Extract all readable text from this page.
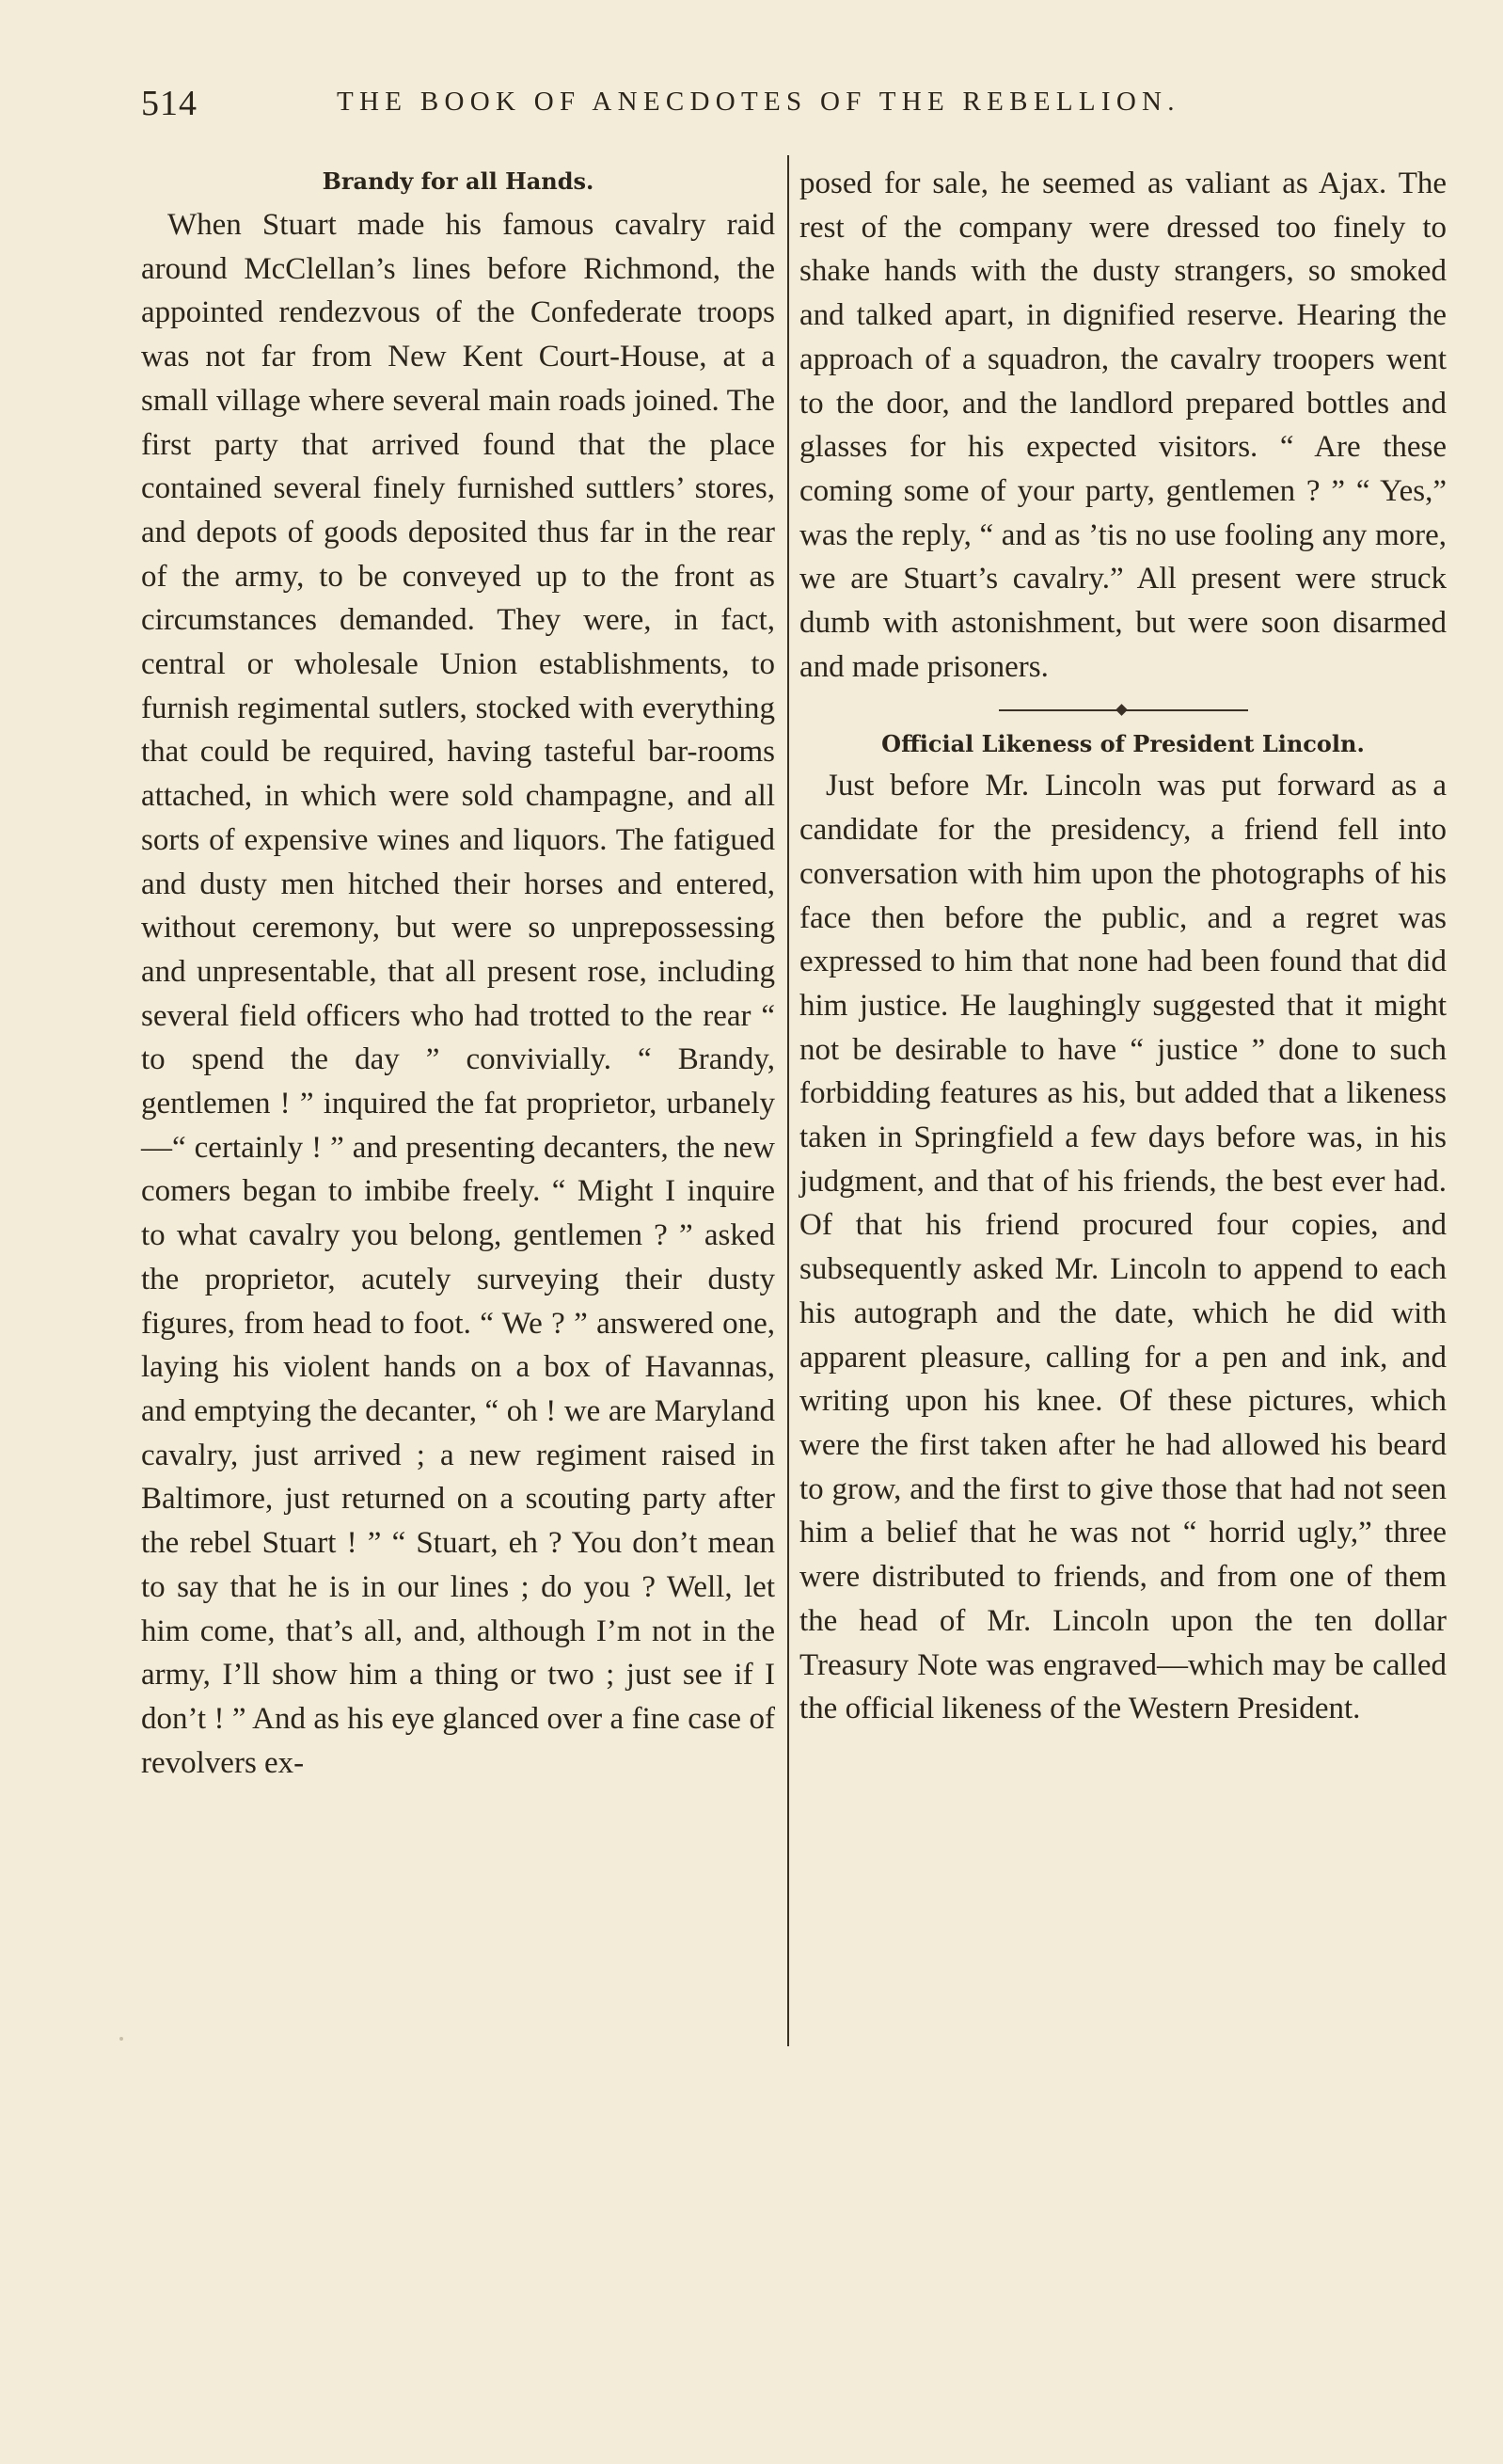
514	THE BOOK OF ANECDOTES OF THE REBELLION.

Brandy for all Hands.

When Stuart made his famous cavalry raid around McClellan’s lines before Richmond, the appointed rendezvous of the Confederate troops was not far from New Kent Court-House, at a small village where several main roads joined. The first party that arrived found that the place contained several finely furnished suttlers’ stores, and depots of goods deposited thus far in the rear of the army, to be conveyed up to the front as circumstances demanded. They were, in fact, central or wholesale Union establishments, to furnish regimental sutlers, stocked with everything that could be required, having tasteful bar-rooms attached, in which were sold champagne, and all sorts of expensive wines and liquors. The fatigued and dusty men hitched their horses and entered, without ceremony, but were so unprepossessing and unpresentable, that all present rose, including several field officers who had trotted to the rear “ to spend the day ” convivially. “ Brandy, gentlemen ! ” inquired the fat proprietor, urbanely—“ certainly ! ” and presenting decanters, the new comers began to imbibe freely. “ Might I inquire to what cavalry you belong, gentlemen ? ” asked the proprietor, acutely surveying their dusty figures, from head to foot. “ We ? ” answered one, laying his violent hands on a box of Havannas, and emptying the decanter, “ oh ! we are Maryland cavalry, just arrived ; a new regiment raised in Baltimore, just returned on a scouting party after the rebel Stuart ! ” “ Stuart, eh ? You don’t mean to say that he is in our lines ; do you ? Well, let him come, that’s all, and, although I’m not in the army, I’ll show him a thing or two ; just see if I don’t ! ” And as his eye glanced over a fine case of revolvers ex-

posed for sale, he seemed as valiant as Ajax. The rest of the company were dressed too finely to shake hands with the dusty strangers, so smoked and talked apart, in dignified reserve. Hearing the approach of a squadron, the cavalry troopers went to the door, and the landlord prepared bottles and glasses for his expected visitors. “ Are these coming some of your party, gentlemen ? ” “ Yes,” was the reply, “ and as ’tis no use fooling any more, we are Stuart’s cavalry.” All present were struck dumb with astonishment, but were soon disarmed and made prisoners.

Official Likeness of President Lincoln.

Just before Mr. Lincoln was put forward as a candidate for the presidency, a friend fell into conversation with him upon the photographs of his face then before the public, and a regret was expressed to him that none had been found that did him justice. He laughingly suggested that it might not be desirable to have “ justice ” done to such forbidding features as his, but added that a likeness taken in Springfield a few days before was, in his judgment, and that of his friends, the best ever had. Of that his friend procured four copies, and subsequently asked Mr. Lincoln to append to each his autograph and the date, which he did with apparent pleasure, calling for a pen and ink, and writing upon his knee. Of these pictures, which were the first taken after he had allowed his beard to grow, and the first to give those that had not seen him a belief that he was not “ horrid ugly,” three were distributed to friends, and from one of them the head of Mr. Lincoln upon the ten dollar Treasury Note was engraved—which may be called the official likeness of the Western President.
